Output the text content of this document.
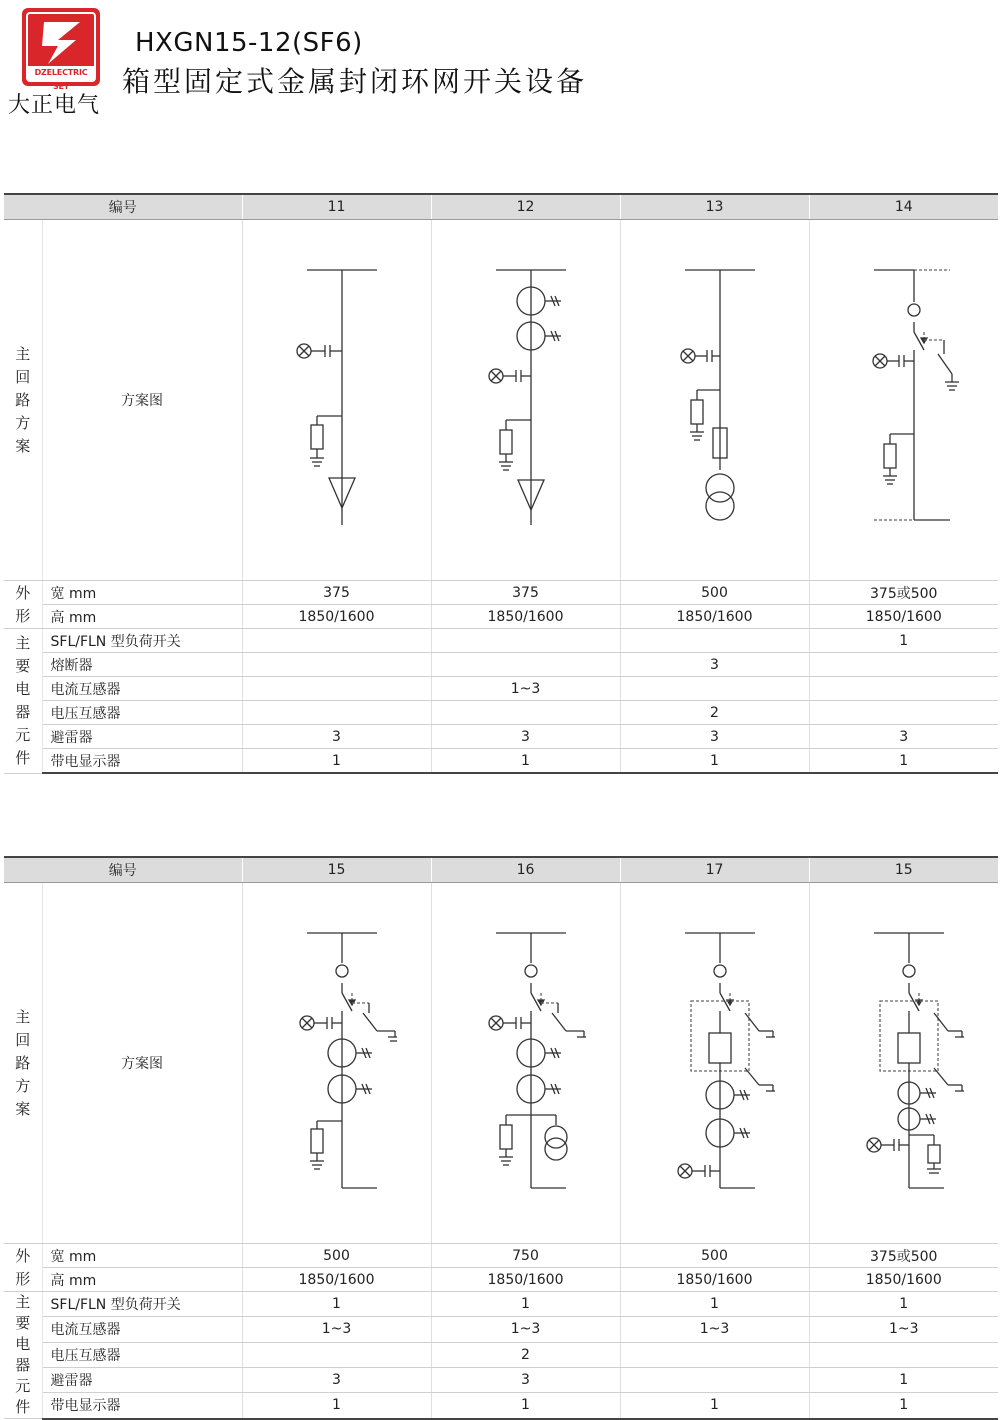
DZELECTRIC SET
大正电气
HXGN15-12(SF6)
箱型固定式金属封闭环网开关设备
编号		11	12	13	14

主回路方案	方案图	

外形	宽 mm	375	375	500	375或500
	高 mm	1850/1600	1850/1600	1850/1600	1850/1600

主要电器元件	SFL/FLN 型负荷开关				1
	熔断器			3	
	电流互感器		1~3		
	电压互感器			2	
	避雷器	3	3	3	3
	带电显示器	1	1	1	1
编号		15	16	17	15

主回路方案	方案图	

外形	宽 mm	500	750	500	375或500
	高 mm	1850/1600	1850/1600	1850/1600	1850/1600

主要电器元件	SFL/FLN 型负荷开关	1	1	1	1
	电流互感器	1~3	1~3	1~3	1~3
	电压互感器		2		
	避雷器	3	3		1
	带电显示器	1	1	1	1
